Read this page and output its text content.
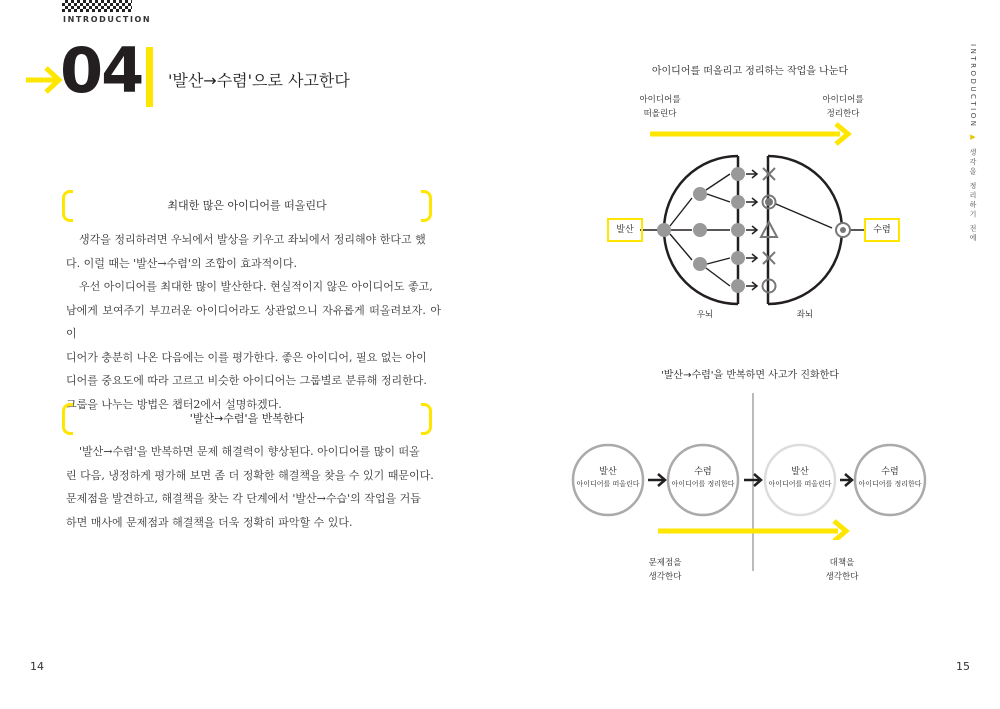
INTRODUCTION
04 '발산→수렴'으로 사고한다
최대한 많은 아이디어를 떠올린다

생각을 정리하려면 우뇌에서 발상을 키우고 좌뇌에서 정리해야 한다고 했

다. 이럴 때는 '발산→수렴'의 조합이 효과적이다.

우선 아이디어를 최대한 많이 발산한다. 현실적이지 않은 아이디어도 좋고,

남에게 보여주기 부끄러운 아이디어라도 상관없으니 자유롭게 떠올려보자. 아이

디어가 충분히 나온 다음에는 이를 평가한다. 좋은 아이디어, 필요 없는 아이

디어를 중요도에 따라 고르고 비슷한 아이디어는 그룹별로 분류해 정리한다.

그룹을 나누는 방법은 챕터2에서 설명하겠다.

'발산→수렴'을 반복한다

'발산→수렴'을 반복하면 문제 해결력이 향상된다. 아이디어를 많이 떠올

린 다음, 냉정하게 평가해 보면 좀 더 정확한 해결책을 찾을 수 있기 때문이다.

문제점을 발견하고, 해결책을 찾는 각 단계에서 '발산→수습'의 작업을 거듭

하면 매사에 문제점과 해결책을 더욱 정확히 파악할 수 있다.

14
INTRODUCTION ▶ 생각을 정리하기 전에
아이디어를 떠올리고 정리하는 작업을 나눈다
아이디어를
떠올린다
아이디어를
정리한다
발산	수렴
우뇌	좌뇌
'발산→수렴'을 반복하면 사고가 진화한다
발산
아이디어를 떠올린다
수렴
아이디어를 정리한다
발산
아이디어를 떠올린다
수렴
아이디어를 정리한다
문제점을
생각한다
대책을
생각한다
15
